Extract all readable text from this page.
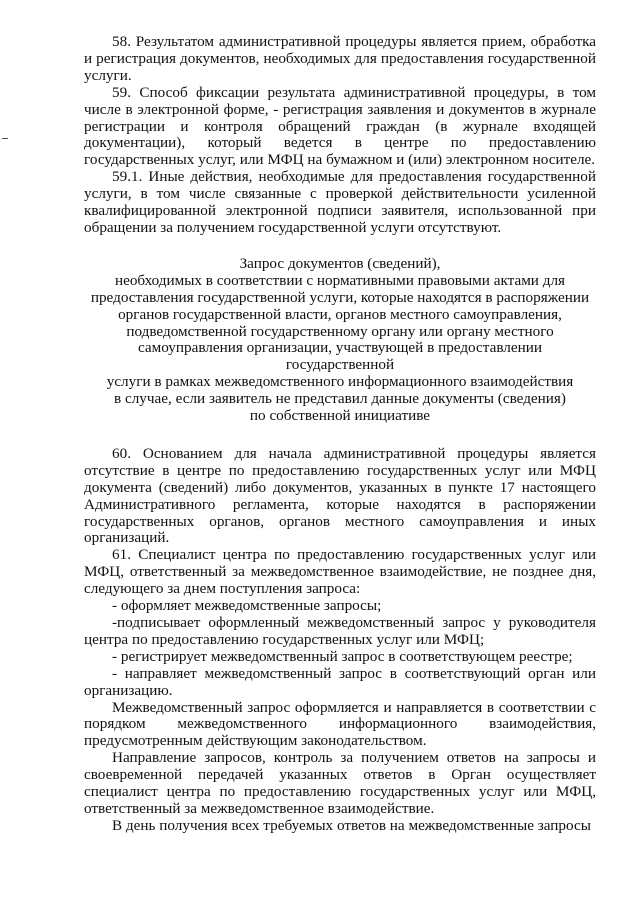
58. Результатом административной процедуры является прием, обработка и регистрация документов, необходимых для предоставления государственной услуги.

59. Способ фиксации результата административной процедуры, в том числе в электронной форме, - регистрация заявления и документов в журнале регистрации и контроля обращений граждан (в журнале входящей документации), который ведется в центре по предоставлению государственных услуг, или МФЦ на бумажном и (или) электронном носителе.

59.1. Иные действия, необходимые для предоставления государственной услуги, в том числе связанные с проверкой действительности усиленной квалифицированной электронной подписи заявителя, использованной при обращении за получением государственной услуги отсутствуют.

Запрос документов (сведений),
необходимых в соответствии с нормативными правовыми актами для
предоставления государственной услуги, которые находятся в распоряжении
органов государственной власти, органов местного самоуправления,
подведомственной государственному органу или органу местного
самоуправления организации, участвующей в предоставлении государственной
услуги в рамках межведомственного информационного взаимодействия
в случае, если заявитель не представил данные документы (сведения)
по собственной инициативе

60. Основанием для начала административной процедуры является отсутствие в центре по предоставлению государственных услуг или МФЦ документа (сведений) либо документов, указанных в пункте 17 настоящего Административного регламента, которые находятся в распоряжении государственных органов, органов местного самоуправления и иных организаций.

61. Специалист центра по предоставлению государственных услуг или МФЦ, ответственный за межведомственное взаимодействие, не позднее дня, следующего за днем поступления запроса:

- оформляет межведомственные запросы;

-подписывает оформленный межведомственный запрос у руководителя центра по предоставлению государственных услуг или МФЦ;

- регистрирует межведомственный запрос в соответствующем реестре;

- направляет межведомственный запрос в соответствующий орган или организацию.

Межведомственный запрос оформляется и направляется в соответствии с порядком межведомственного информационного взаимодействия, предусмотренным действующим законодательством.

Направление запросов, контроль за получением ответов на запросы и своевременной передачей указанных ответов в Орган осуществляет специалист центра по предоставлению государственных услуг или МФЦ, ответственный за межведомственное взаимодействие.

В день получения всех требуемых ответов на межведомственные запросы
